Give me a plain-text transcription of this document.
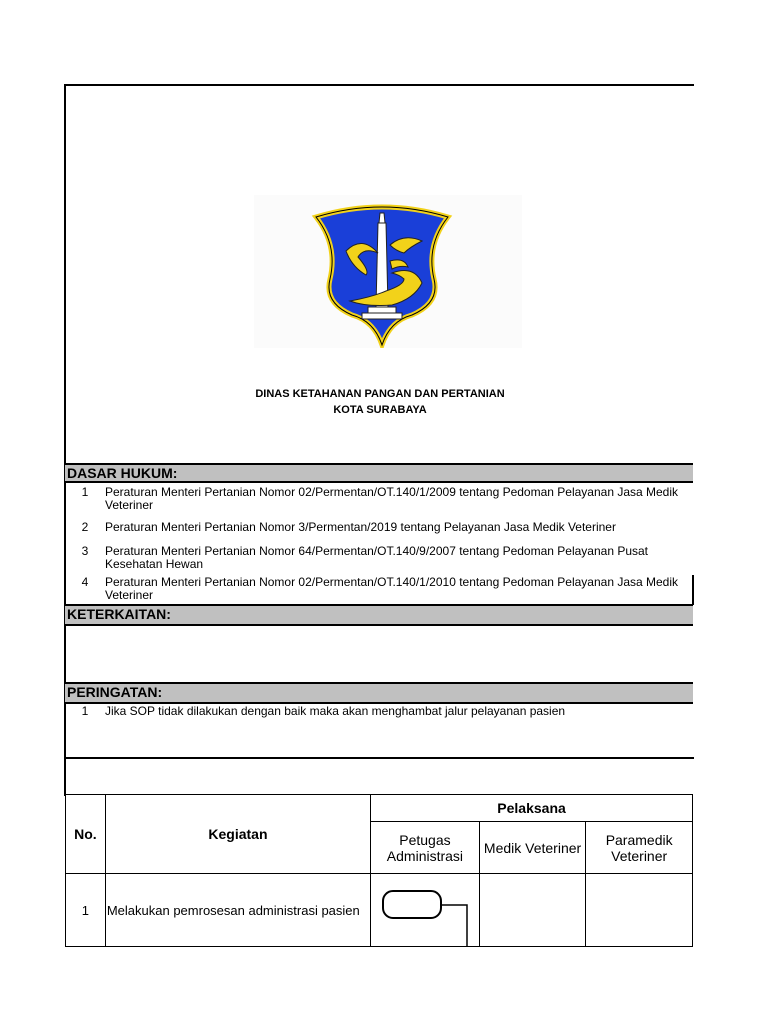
DINAS KETAHANAN PANGAN DAN PERTANIAN
KOTA SURABAYA
DASAR HUKUM:
1	Peraturan Menteri Pertanian Nomor 02/Permentan/OT.140/1/2009 tentang Pedoman Pelayanan Jasa Medik Veteriner
2	Peraturan Menteri Pertanian Nomor 3/Permentan/2019 tentang Pelayanan Jasa Medik Veteriner
3	Peraturan Menteri Pertanian Nomor 64/Permentan/OT.140/9/2007 tentang Pedoman Pelayanan Pusat Kesehatan Hewan
4	Peraturan Menteri Pertanian Nomor 02/Permentan/OT.140/1/2010 tentang Pedoman Pelayanan Jasa Medik Veteriner
KETERKAITAN:
PERINGATAN:
1	Jika SOP tidak dilakukan dengan baik maka akan menghambat jalur pelayanan pasien
No.	Kegiatan	Pelaksana		
		Petugas Administrasi	Medik Veteriner	Paramedik Veteriner
1	Melakukan pemrosesan administrasi pasien	
